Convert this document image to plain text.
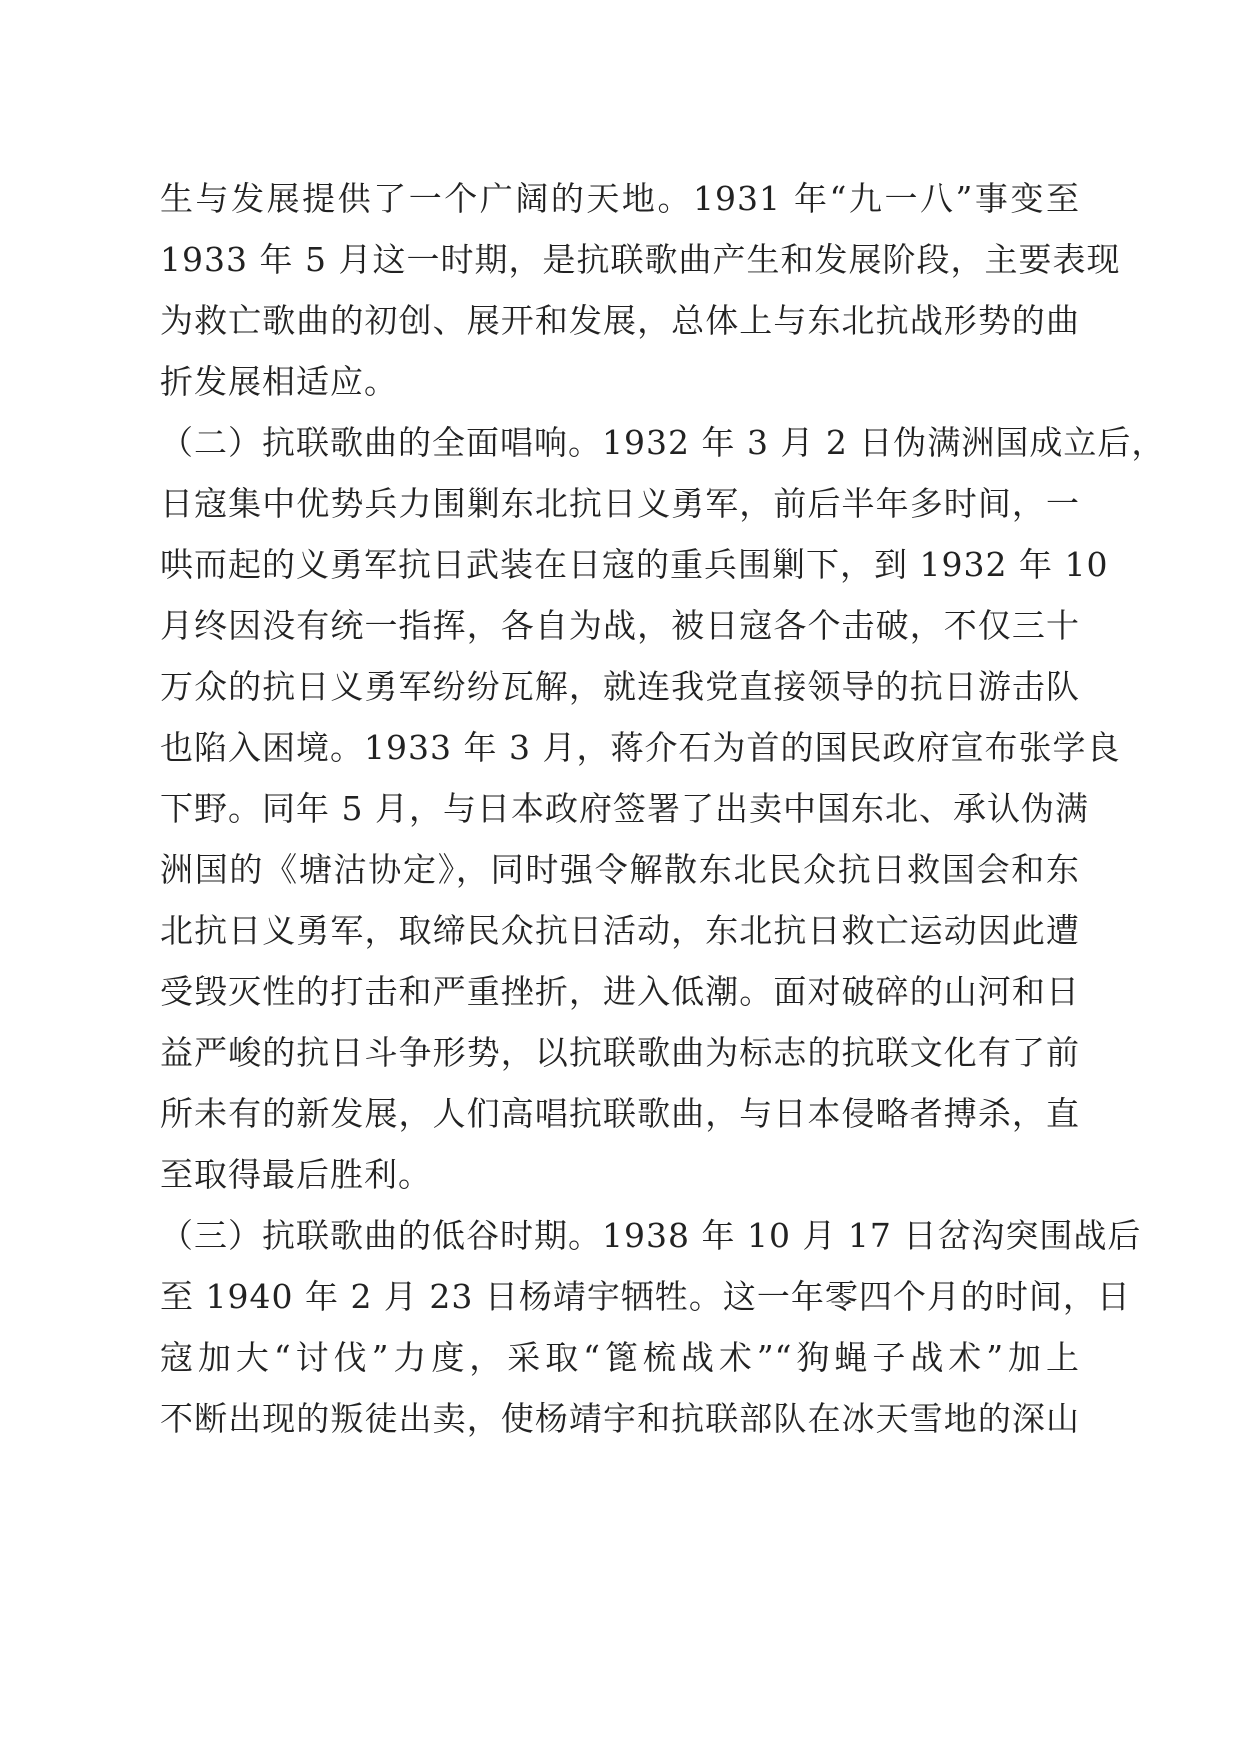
生与发展提供了一个广阔的天地。1931 年“九一八”事变至
1933 年 5 月这一时期，是抗联歌曲产生和发展阶段，主要表现
为救亡歌曲的初创、展开和发展，总体上与东北抗战形势的曲
折发展相适应。
（二）抗联歌曲的全面唱响。1932 年 3 月 2 日伪满洲国成立后，
日寇集中优势兵力围剿东北抗日义勇军，前后半年多时间，一
哄而起的义勇军抗日武装在日寇的重兵围剿下，到 1932 年 10
月终因没有统一指挥，各自为战，被日寇各个击破，不仅三十
万众的抗日义勇军纷纷瓦解，就连我党直接领导的抗日游击队
也陷入困境。1933 年 3 月，蒋介石为首的国民政府宣布张学良
下野。同年 5 月，与日本政府签署了出卖中国东北、承认伪满
洲国的《塘沽协定》，同时强令解散东北民众抗日救国会和东
北抗日义勇军，取缔民众抗日活动，东北抗日救亡运动因此遭
受毁灭性的打击和严重挫折，进入低潮。面对破碎的山河和日
益严峻的抗日斗争形势，以抗联歌曲为标志的抗联文化有了前
所未有的新发展，人们高唱抗联歌曲，与日本侵略者搏杀，直
至取得最后胜利。
（三）抗联歌曲的低谷时期。1938 年 10 月 17 日岔沟突围战后
至 1940 年 2 月 23 日杨靖宇牺牲。这一年零四个月的时间，日
寇加大“讨伐”力度，采取“篦梳战术”“狗蝇子战术”加上
不断出现的叛徒出卖，使杨靖宇和抗联部队在冰天雪地的深山
